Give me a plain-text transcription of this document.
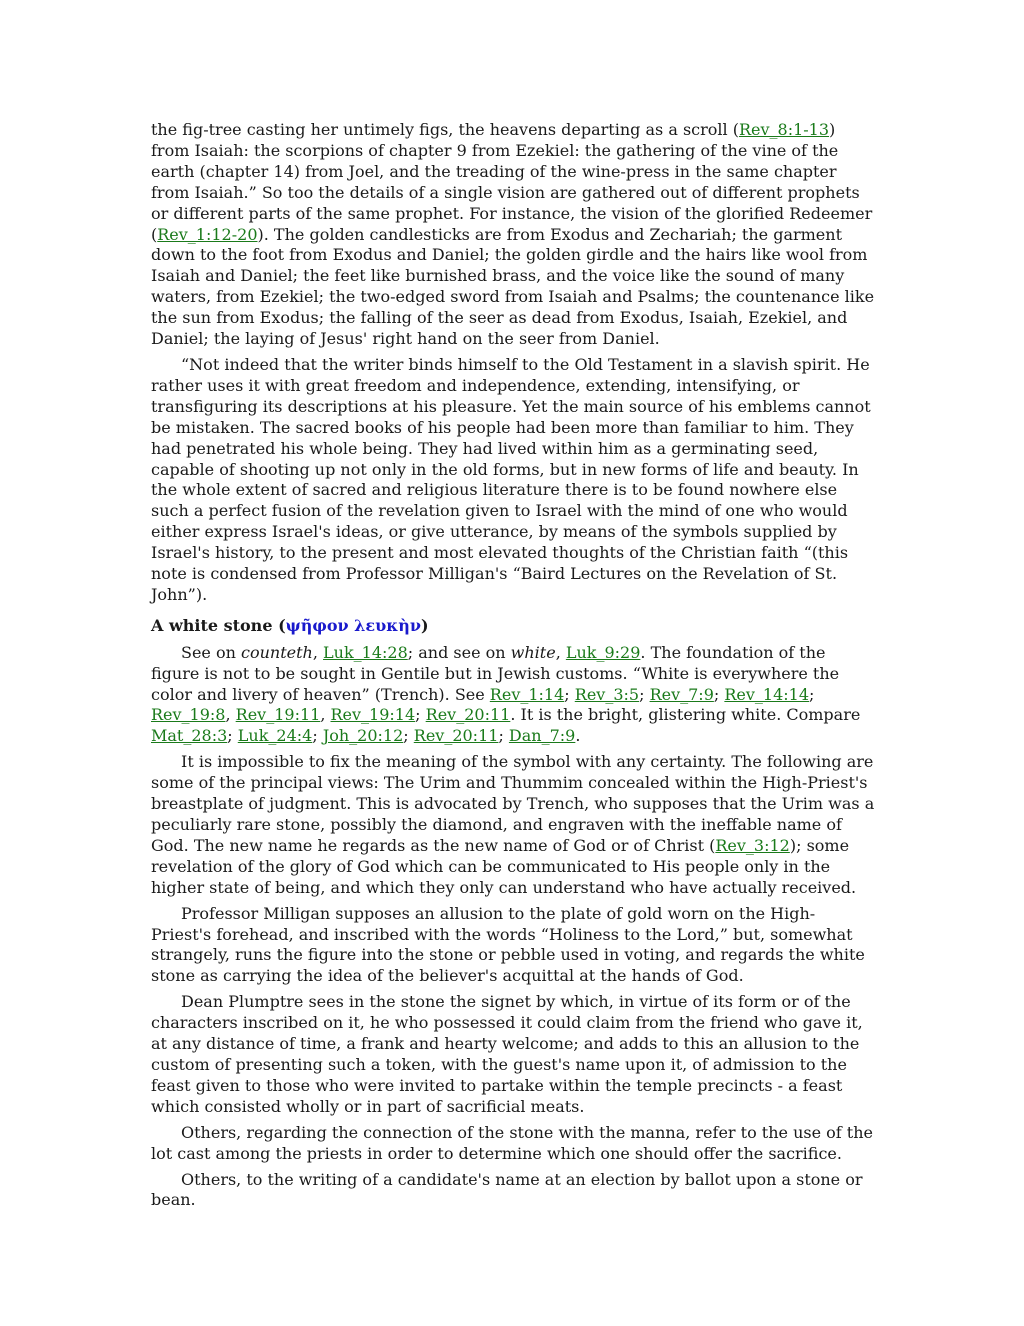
the fig-tree casting her untimely figs, the heavens departing as a scroll (Rev_8:1-13) from Isaiah: the scorpions of chapter 9 from Ezekiel: the gathering of the vine of the earth (chapter 14) from Joel, and the treading of the wine-press in the same chapter from Isaiah.” So too the details of a single vision are gathered out of different prophets or different parts of the same prophet. For instance, the vision of the glorified Redeemer (Rev_1:12-20). The golden candlesticks are from Exodus and Zechariah; the garment down to the foot from Exodus and Daniel; the golden girdle and the hairs like wool from Isaiah and Daniel; the feet like burnished brass, and the voice like the sound of many waters, from Ezekiel; the two-edged sword from Isaiah and Psalms; the countenance like the sun from Exodus; the falling of the seer as dead from Exodus, Isaiah, Ezekiel, and Daniel; the laying of Jesus' right hand on the seer from Daniel.

“Not indeed that the writer binds himself to the Old Testament in a slavish spirit. He rather uses it with great freedom and independence, extending, intensifying, or transfiguring its descriptions at his pleasure. Yet the main source of his emblems cannot be mistaken. The sacred books of his people had been more than familiar to him. They had penetrated his whole being. They had lived within him as a germinating seed, capable of shooting up not only in the old forms, but in new forms of life and beauty. In the whole extent of sacred and religious literature there is to be found nowhere else such a perfect fusion of the revelation given to Israel with the mind of one who would either express Israel's ideas, or give utterance, by means of the symbols supplied by Israel's history, to the present and most elevated thoughts of the Christian faith “(this note is condensed from Professor Milligan's “Baird Lectures on the Revelation of St. John”).

A white stone (ψῆφον λευκὴν)

See on counteth, Luk_14:28; and see on white, Luk_9:29. The foundation of the figure is not to be sought in Gentile but in Jewish customs. “White is everywhere the color and livery of heaven” (Trench). See Rev_1:14; Rev_3:5; Rev_7:9; Rev_14:14; Rev_19:8, Rev_19:11, Rev_19:14; Rev_20:11. It is the bright, glistering white. Compare Mat_28:3; Luk_24:4; Joh_20:12; Rev_20:11; Dan_7:9.

It is impossible to fix the meaning of the symbol with any certainty. The following are some of the principal views: The Urim and Thummim concealed within the High-Priest's breastplate of judgment. This is advocated by Trench, who supposes that the Urim was a peculiarly rare stone, possibly the diamond, and engraven with the ineffable name of God. The new name he regards as the new name of God or of Christ (Rev_3:12); some revelation of the glory of God which can be communicated to His people only in the higher state of being, and which they only can understand who have actually received.

Professor Milligan supposes an allusion to the plate of gold worn on the High-Priest's forehead, and inscribed with the words “Holiness to the Lord,” but, somewhat strangely, runs the figure into the stone or pebble used in voting, and regards the white stone as carrying the idea of the believer's acquittal at the hands of God.

Dean Plumptre sees in the stone the signet by which, in virtue of its form or of the characters inscribed on it, he who possessed it could claim from the friend who gave it, at any distance of time, a frank and hearty welcome; and adds to this an allusion to the custom of presenting such a token, with the guest's name upon it, of admission to the feast given to those who were invited to partake within the temple precincts - a feast which consisted wholly or in part of sacrificial meats.

Others, regarding the connection of the stone with the manna, refer to the use of the lot cast among the priests in order to determine which one should offer the sacrifice.

Others, to the writing of a candidate's name at an election by ballot upon a stone or bean.
